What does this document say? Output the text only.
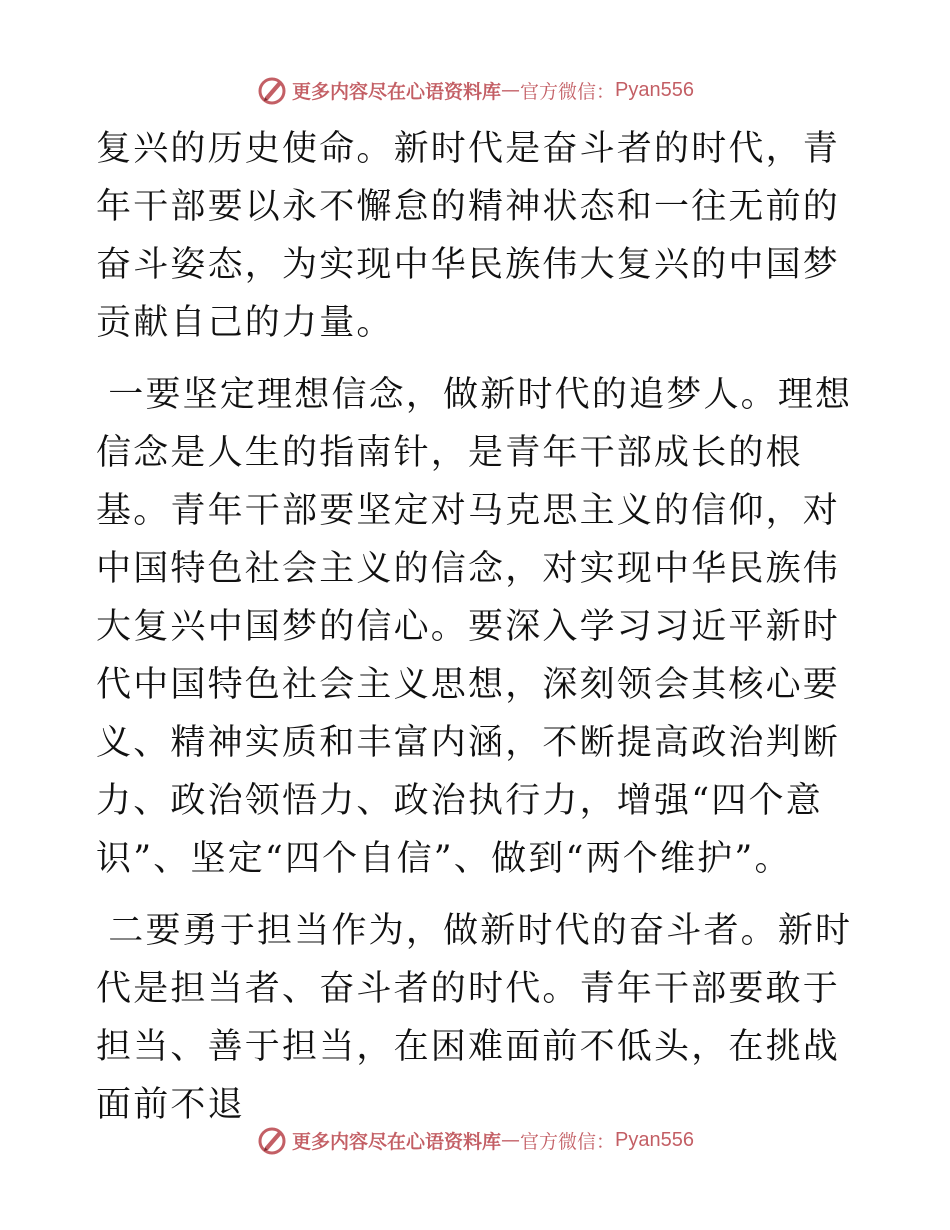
更多内容尽在心语资料库 — 官方微信： Pyan556

复兴的历史使命。新时代是奋斗者的时代，青年干部要以永不懈怠的精神状态和一往无前的奋斗姿态，为实现中华民族伟大复兴的中国梦贡献自己的力量。

一要坚定理想信念，做新时代的追梦人。理想信念是人生的指南针，是青年干部成长的根基。青年干部要坚定对马克思主义的信仰，对中国特色社会主义的信念，对实现中华民族伟大复兴中国梦的信心。要深入学习习近平新时代中国特色社会主义思想，深刻领会其核心要义、精神实质和丰富内涵，不断提高政治判断力、政治领悟力、政治执行力，增强“四个意识”、坚定“四个自信”、做到“两个维护”。

二要勇于担当作为，做新时代的奋斗者。新时代是担当者、奋斗者的时代。青年干部要敢于担当、善于担当，在困难面前不低头，在挑战面前不退

更多内容尽在心语资料库 — 官方微信： Pyan556
